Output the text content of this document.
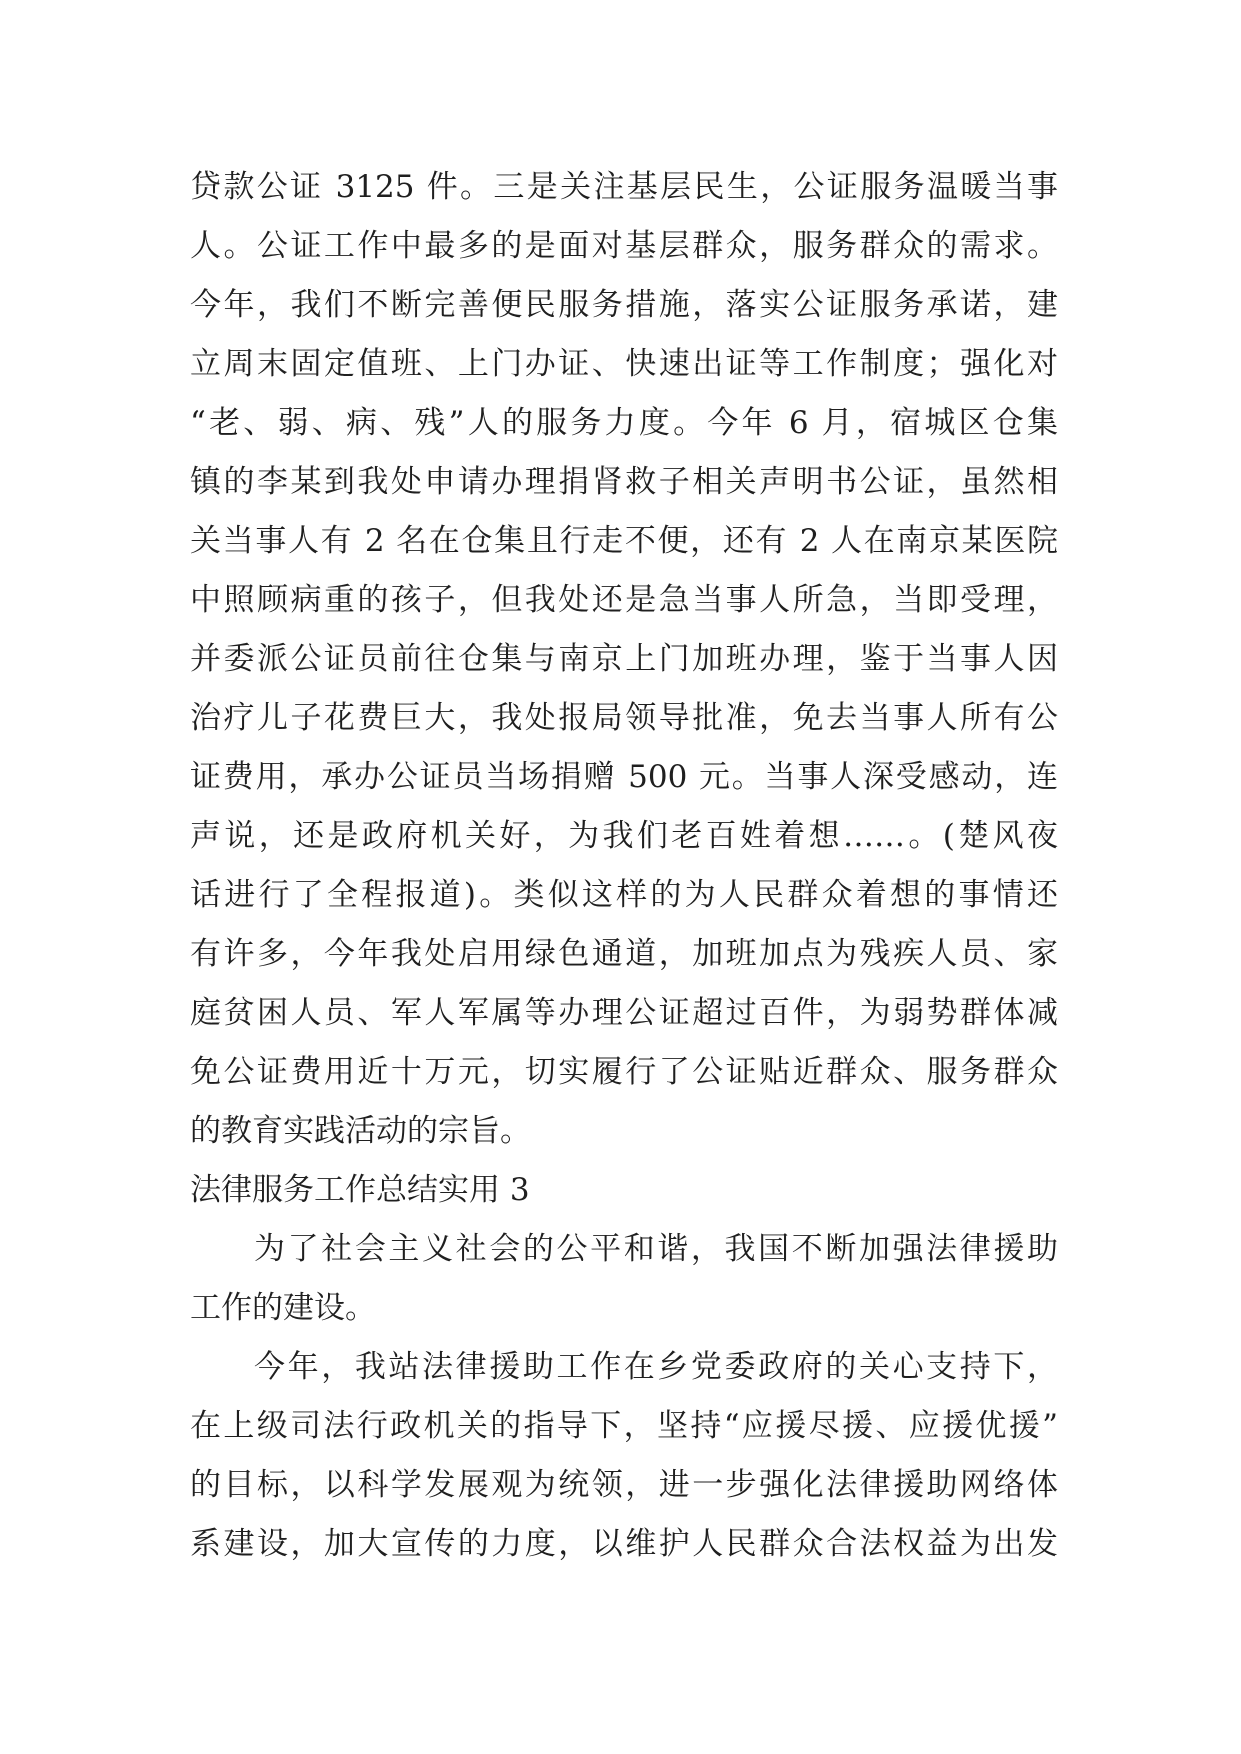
贷款公证 3125 件。三是关注基层民生，公证服务温暖当事
人。公证工作中最多的是面对基层群众，服务群众的需求。
今年，我们不断完善便民服务措施，落实公证服务承诺，建
立周末固定值班、上门办证、快速出证等工作制度；强化对
“老、弱、病、残”人的服务力度。今年 6 月，宿城区仓集
镇的李某到我处申请办理捐肾救子相关声明书公证，虽然相
关当事人有 2 名在仓集且行走不便，还有 2 人在南京某医院
中照顾病重的孩子，但我处还是急当事人所急，当即受理，
并委派公证员前往仓集与南京上门加班办理，鉴于当事人因
治疗儿子花费巨大，我处报局领导批准，免去当事人所有公
证费用，承办公证员当场捐赠 500 元。当事人深受感动，连
声说，还是政府机关好，为我们老百姓着想……。(楚风夜
话进行了全程报道)。类似这样的为人民群众着想的事情还
有许多，今年我处启用绿色通道，加班加点为残疾人员、家
庭贫困人员、军人军属等办理公证超过百件，为弱势群体减
免公证费用近十万元，切实履行了公证贴近群众、服务群众
的教育实践活动的宗旨。
法律服务工作总结实用 3
为了社会主义社会的公平和谐，我国不断加强法律援助
工作的建设。
今年，我站法律援助工作在乡党委政府的关心支持下，
在上级司法行政机关的指导下，坚持“应援尽援、应援优援”
的目标，以科学发展观为统领，进一步强化法律援助网络体
系建设，加大宣传的力度，以维护人民群众合法权益为出发
